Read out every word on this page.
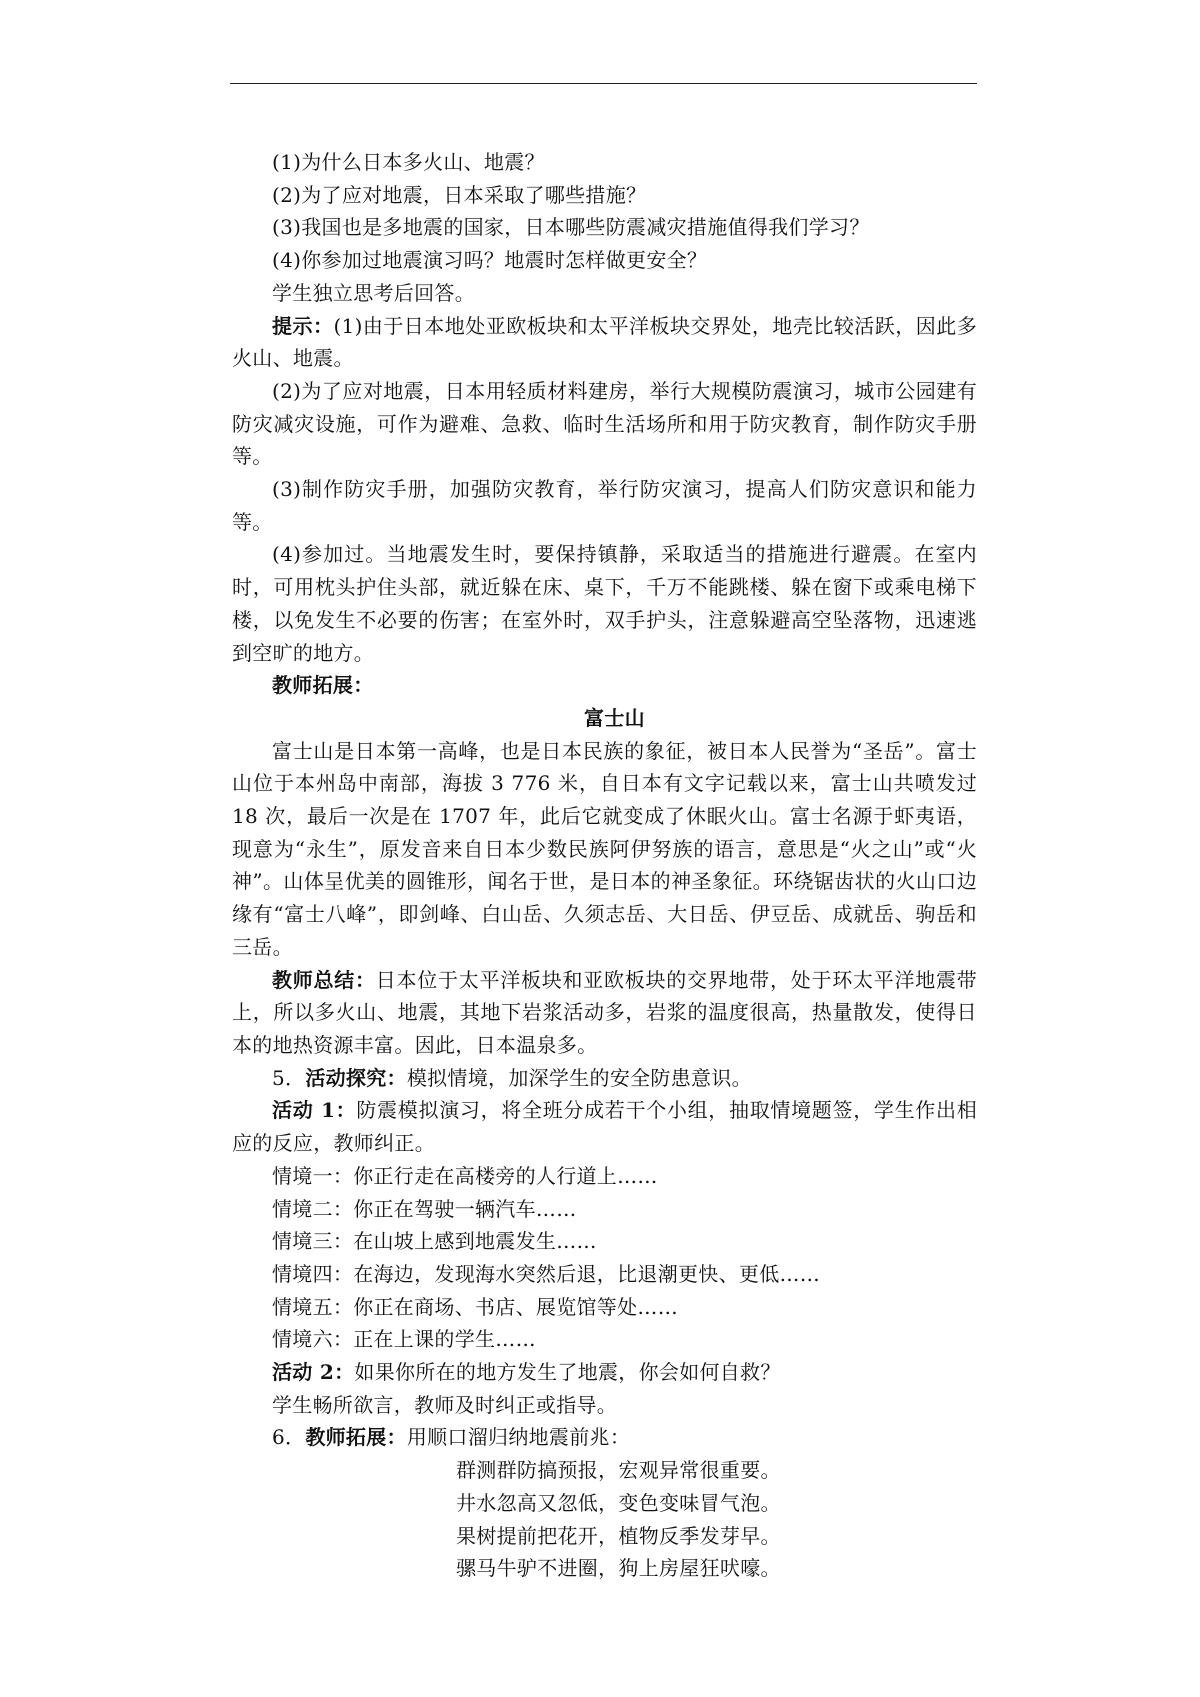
(1)为什么日本多火山、地震？

(2)为了应对地震，日本采取了哪些措施？

(3)我国也是多地震的国家，日本哪些防震减灾措施值得我们学习？

(4)你参加过地震演习吗？地震时怎样做更安全？

学生独立思考后回答。

提示：(1)由于日本地处亚欧板块和太平洋板块交界处，地壳比较活跃，因此多火山、地震。

(2)为了应对地震，日本用轻质材料建房，举行大规模防震演习，城市公园建有防灾减灾设施，可作为避难、急救、临时生活场所和用于防灾教育，制作防灾手册等。

(3)制作防灾手册，加强防灾教育，举行防灾演习，提高人们防灾意识和能力等。

(4)参加过。当地震发生时，要保持镇静，采取适当的措施进行避震。在室内时，可用枕头护住头部，就近躲在床、桌下，千万不能跳楼、躲在窗下或乘电梯下楼，以免发生不必要的伤害；在室外时，双手护头，注意躲避高空坠落物，迅速逃到空旷的地方。

教师拓展：

富士山

富士山是日本第一高峰，也是日本民族的象征，被日本人民誉为“圣岳”。富士山位于本州岛中南部，海拔 3 776 米，自日本有文字记载以来，富士山共喷发过 18 次，最后一次是在 1707 年，此后它就变成了休眠火山。富士名源于虾夷语，现意为“永生”，原发音来自日本少数民族阿伊努族的语言，意思是“火之山”或“火神”。山体呈优美的圆锥形，闻名于世，是日本的神圣象征。环绕锯齿状的火山口边缘有“富士八峰”，即剑峰、白山岳、久须志岳、大日岳、伊豆岳、成就岳、驹岳和三岳。

教师总结：日本位于太平洋板块和亚欧板块的交界地带，处于环太平洋地震带上，所以多火山、地震，其地下岩浆活动多，岩浆的温度很高，热量散发，使得日本的地热资源丰富。因此，日本温泉多。

5．活动探究：模拟情境，加深学生的安全防患意识。

活动 1：防震模拟演习，将全班分成若干个小组，抽取情境题签，学生作出相应的反应，教师纠正。

情境一：你正行走在高楼旁的人行道上……

情境二：你正在驾驶一辆汽车……

情境三：在山坡上感到地震发生……

情境四：在海边，发现海水突然后退，比退潮更快、更低……

情境五：你正在商场、书店、展览馆等处……

情境六：正在上课的学生……

活动 2：如果你所在的地方发生了地震，你会如何自救？

学生畅所欲言，教师及时纠正或指导。

6．教师拓展：用顺口溜归纳地震前兆：

群测群防搞预报，宏观异常很重要。

井水忽高又忽低，变色变味冒气泡。

果树提前把花开，植物反季发芽早。

骡马牛驴不进圈，狗上房屋狂吠嚎。
